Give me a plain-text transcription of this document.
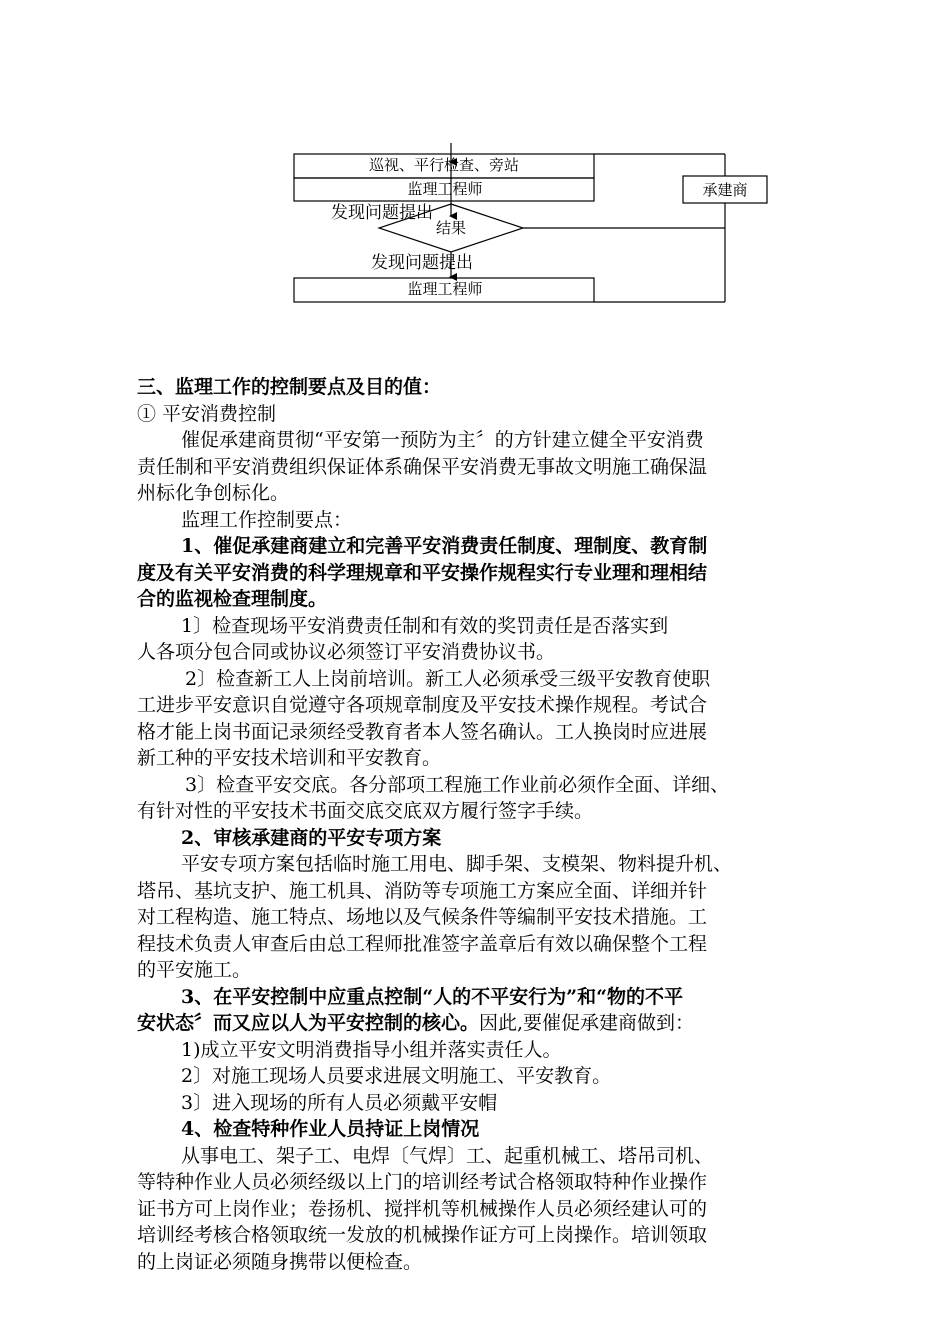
巡视、平行检查、旁站
监理工程师	承建商
发现问题提出
结果
发现问题提出
监理工程师

三、监理工作的控制要点及目的值：

① 平安消费控制

催促承建商贯彻“平安第一预防为主〞的方针建立健全平安消费

责任制和平安消费组织保证体系确保平安消费无事故文明施工确保温

州标化争创标化。

监理工作控制要点：

1、催促承建商建立和完善平安消费责任制度、理制度、教育制

度及有关平安消费的科学理规章和平安操作规程实行专业理和理相结

合的监视检查理制度。

1〕检查现场平安消费责任制和有效的奖罚责任是否落实到

人各项分包合同或协议必须签订平安消费协议书。

2〕检查新工人上岗前培训。新工人必须承受三级平安教育使职

工进步平安意识自觉遵守各项规章制度及平安技术操作规程。考试合

格才能上岗书面记录须经受教育者本人签名确认。工人换岗时应进展

新工种的平安技术培训和平安教育。

3〕检查平安交底。各分部项工程施工作业前必须作全面、详细、

有针对性的平安技术书面交底交底双方履行签字手续。

2、审核承建商的平安专项方案

平安专项方案包括临时施工用电、脚手架、支模架、物料提升机、

塔吊、基坑支护、施工机具、消防等专项施工方案应全面、详细并针

对工程构造、施工特点、场地以及气候条件等编制平安技术措施。工

程技术负责人审查后由总工程师批准签字盖章后有效以确保整个工程

的平安施工。

3、在平安控制中应重点控制“人的不平安行为”和“物的不平

安状态〞而又应以人为平安控制的核心。因此,要催促承建商做到：

1)成立平安文明消费指导小组并落实责任人。

2〕对施工现场人员要求进展文明施工、平安教育。

3〕进入现场的所有人员必须戴平安帽

4、检查特种作业人员持证上岗情况

从事电工、架子工、电焊〔气焊〕工、起重机械工、塔吊司机、

等特种作业人员必须经级以上门的培训经考试合格领取特种作业操作

证书方可上岗作业；卷扬机、搅拌机等机械操作人员必须经建认可的

培训经考核合格领取统一发放的机械操作证方可上岗操作。培训领取

的上岗证必须随身携带以便检查。
